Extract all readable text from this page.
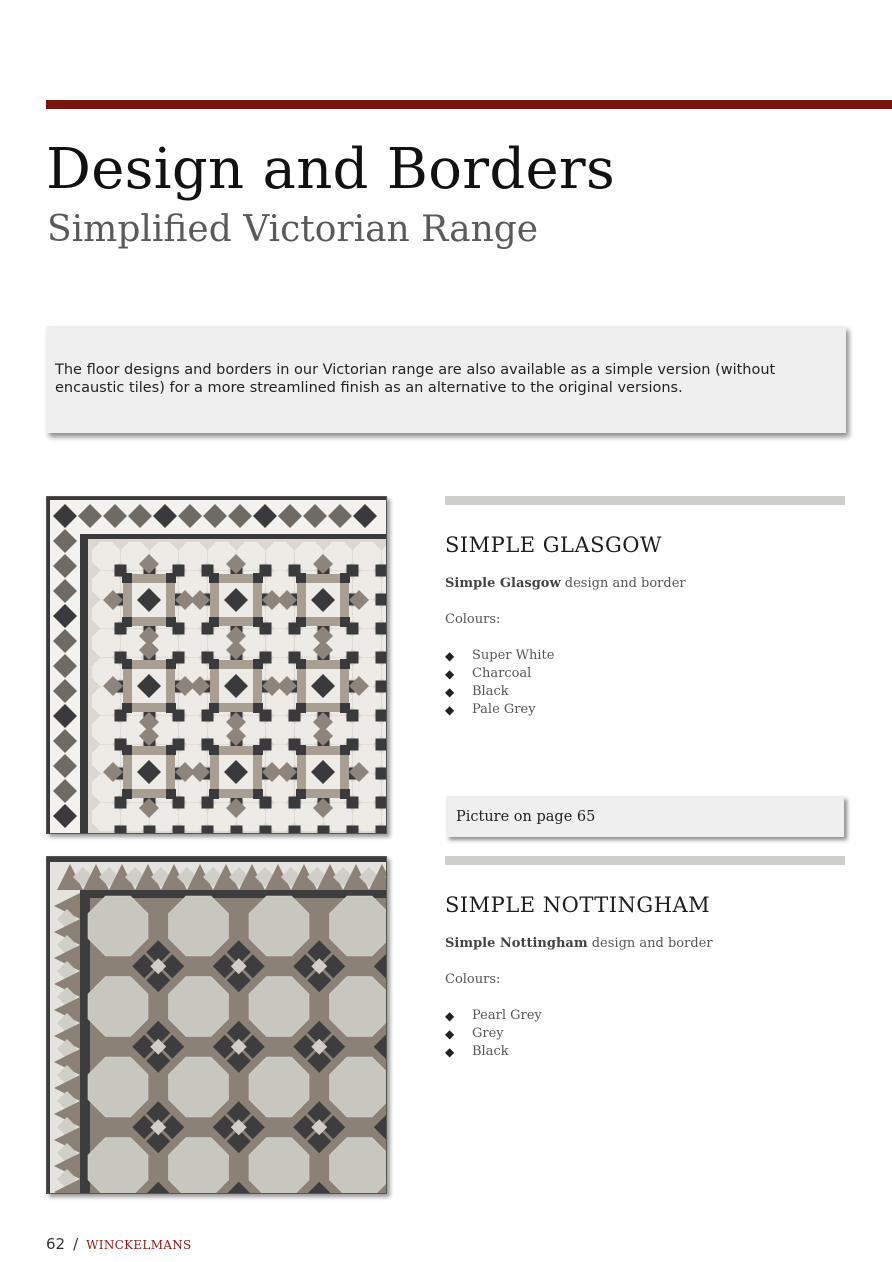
Design and Borders
Simplified Victorian Range

The floor designs and borders in our Victorian range are also available as a simple version (without encaustic tiles) for a more streamlined finish as an alternative to the original versions.

SIMPLE GLASGOW

Simple Glasgow design and border

Colours:

◆	Super White
◆	Charcoal
◆	Black
◆	Pale Grey

Picture on page 65

SIMPLE NOTTINGHAM

Simple Nottingham design and border

Colours:

◆	Pearl Grey
◆	Grey
◆	Black
62 / WINCKELMANS
